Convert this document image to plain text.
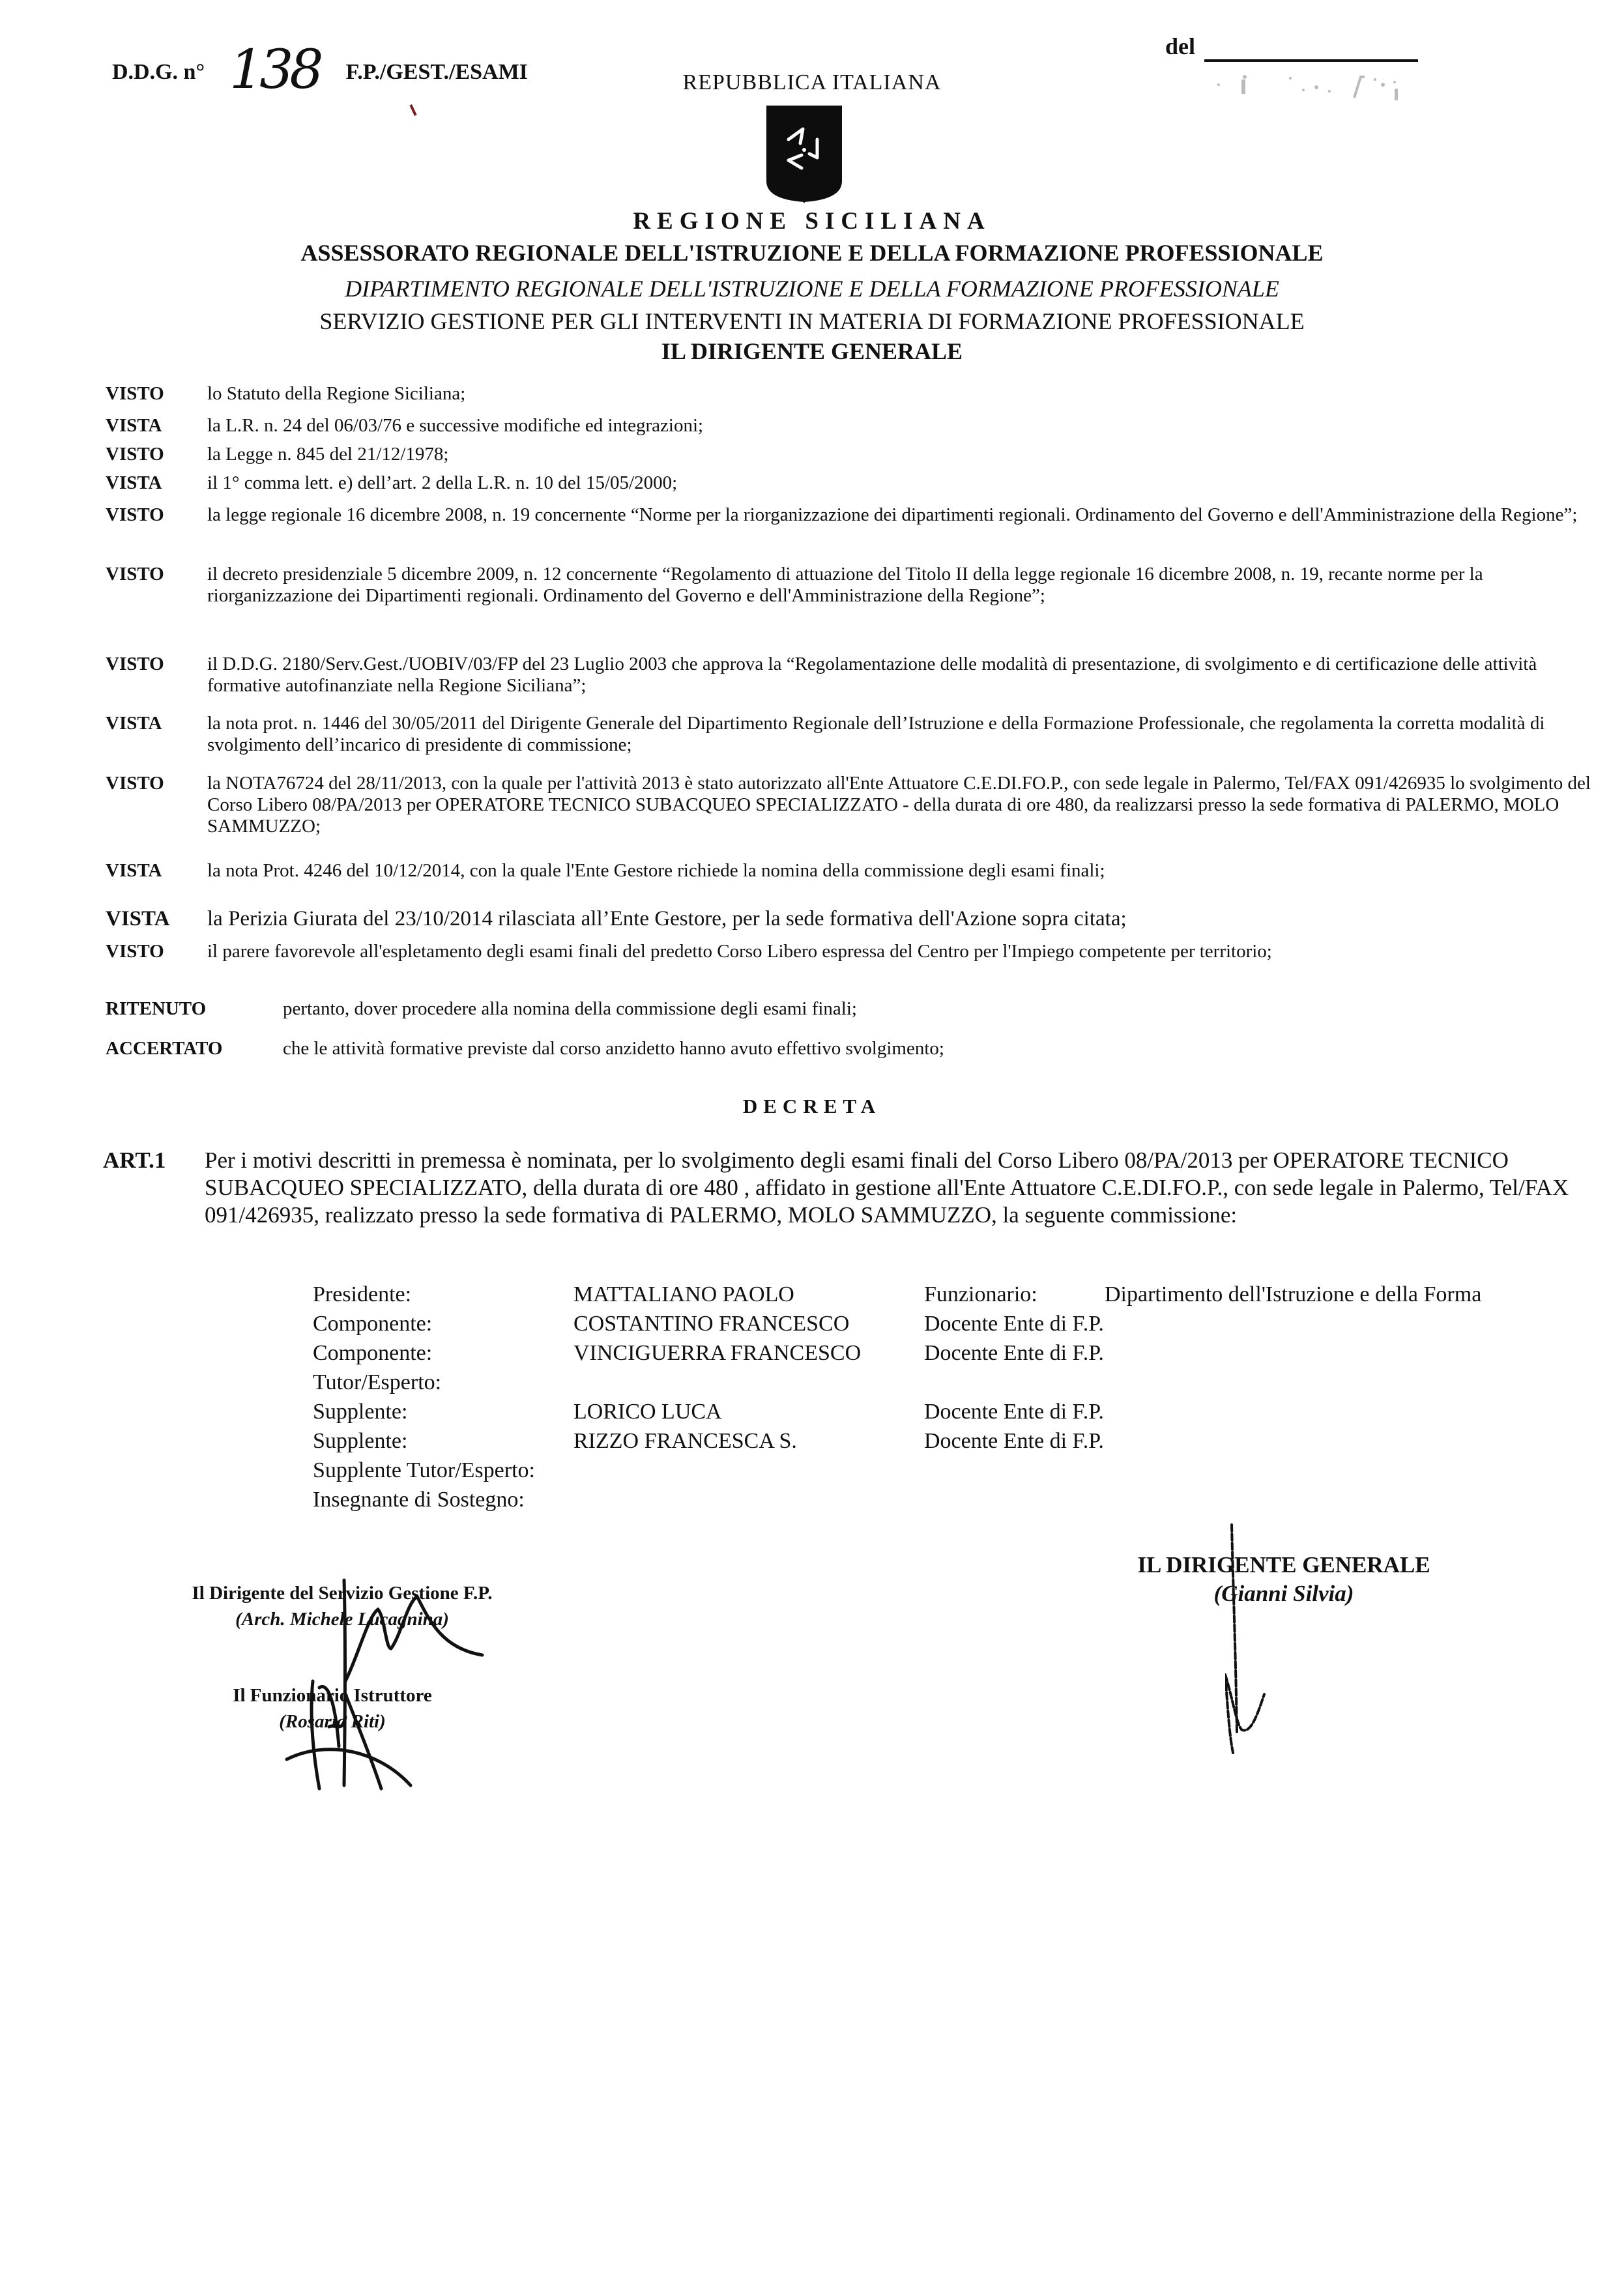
D.D.G. n° 138 F.P./GEST./ESAMI
del
REPUBBLICA ITALIANA
REGIONE SICILIANA
ASSESSORATO REGIONALE DELL'ISTRUZIONE E DELLA FORMAZIONE PROFESSIONALE
DIPARTIMENTO REGIONALE DELL'ISTRUZIONE E DELLA FORMAZIONE PROFESSIONALE
SERVIZIO GESTIONE PER GLI INTERVENTI IN MATERIA DI FORMAZIONE PROFESSIONALE
IL DIRIGENTE GENERALE
VISTO lo Statuto della Regione Siciliana;
VISTA la L.R. n. 24 del 06/03/76 e successive modifiche ed integrazioni;
VISTO la Legge n. 845 del 21/12/1978;
VISTA il 1° comma lett. e) dell’art. 2 della L.R. n. 10 del 15/05/2000;
VISTO la legge regionale 16 dicembre 2008, n. 19 concernente “Norme per la riorganizzazione dei dipartimenti regionali. Ordinamento del Governo e dell'Amministrazione della Regione”;
VISTO il decreto presidenziale 5 dicembre 2009, n. 12 concernente “Regolamento di attuazione del Titolo II della legge regionale 16 dicembre 2008, n. 19, recante norme per la riorganizzazione dei Dipartimenti regionali. Ordinamento del Governo e dell'Amministrazione della Regione”;
VISTO il D.D.G. 2180/Serv.Gest./UOBIV/03/FP del 23 Luglio 2003 che approva la “Regolamentazione delle modalità di presentazione, di svolgimento e di certificazione delle attività formative autofinanziate nella Regione Siciliana”;
VISTA la nota prot. n. 1446 del 30/05/2011 del Dirigente Generale del Dipartimento Regionale dell’Istruzione e della Formazione Professionale, che regolamenta la corretta modalità di svolgimento dell’incarico di presidente di commissione;
VISTO la NOTA76724 del 28/11/2013, con la quale per l'attività 2013 è stato autorizzato all'Ente Attuatore C.E.DI.FO.P., con sede legale in Palermo, Tel/FAX 091/426935 lo svolgimento del Corso Libero 08/PA/2013 per OPERATORE TECNICO SUBACQUEO SPECIALIZZATO - della durata di ore 480, da realizzarsi presso la sede formativa di PALERMO, MOLO SAMMUZZO;
VISTA la nota Prot. 4246 del 10/12/2014, con la quale l'Ente Gestore richiede la nomina della commissione degli esami finali;
VISTA la Perizia Giurata del 23/10/2014 rilasciata all’Ente Gestore, per la sede formativa dell'Azione sopra citata;
VISTO il parere favorevole all'espletamento degli esami finali del predetto Corso Libero espressa del Centro per l'Impiego competente per territorio;
RITENUTO	pertanto, dover procedere alla nomina della commissione degli esami finali;
ACCERTATO	che le attività formative previste dal corso anzidetto hanno avuto effettivo svolgimento;
DECRETA
ART.1 Per i motivi descritti in premessa è nominata, per lo svolgimento degli esami finali del Corso Libero 08/PA/2013 per OPERATORE TECNICO SUBACQUEO SPECIALIZZATO, della durata di ore 480 , affidato in gestione all'Ente Attuatore C.E.DI.FO.P., con sede legale in Palermo, Tel/FAX 091/426935, realizzato presso la sede formativa di PALERMO, MOLO SAMMUZZO, la seguente commissione:
Presidente:	MATTALIANO PAOLO	Funzionario:	Dipartimento dell'Istruzione e della Forma
Componente:	COSTANTINO FRANCESCO	Docente Ente di F.P.
Componente:	VINCIGUERRA FRANCESCO	Docente Ente di F.P.
Tutor/Esperto:
Supplente:	LORICO LUCA	Docente Ente di F.P.
Supplente:	RIZZO FRANCESCA S.	Docente Ente di F.P.
Supplente Tutor/Esperto:
Insegnante di Sostegno:
Il Dirigente del Servizio Gestione F.P.
(Arch. Michele Lucagnina)
Il Funzionario Istruttore
(Rosario Riti)
IL DIRIGENTE GENERALE
(Gianni Silvia)
